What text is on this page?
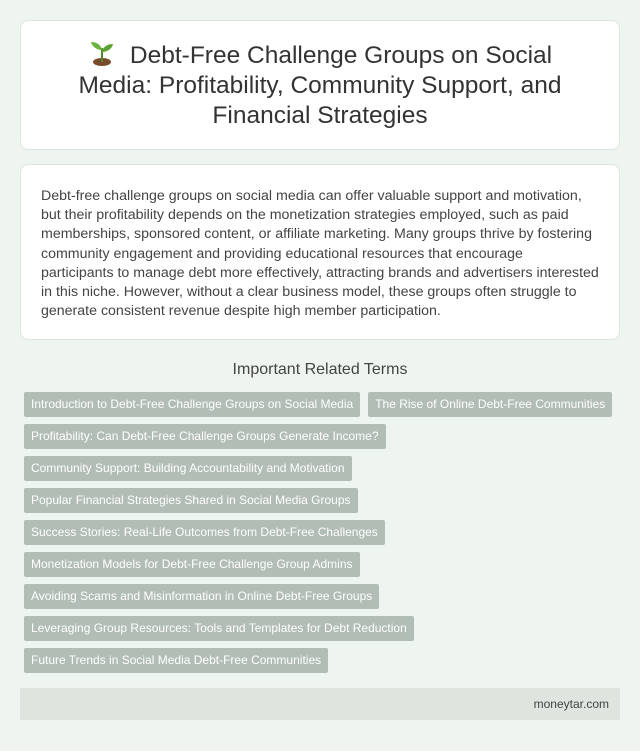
Debt-Free Challenge Groups on Social Media: Profitability, Community Support, and Financial Strategies

Debt-free challenge groups on social media can offer valuable support and motivation, but their profitability depends on the monetization strategies employed, such as paid memberships, sponsored content, or affiliate marketing. Many groups thrive by fostering community engagement and providing educational resources that encourage participants to manage debt more effectively, attracting brands and advertisers interested in this niche. However, without a clear business model, these groups often struggle to generate consistent revenue despite high member participation.

Important Related Terms
Introduction to Debt-Free Challenge Groups on Social Media	The Rise of Online Debt-Free Communities
Profitability: Can Debt-Free Challenge Groups Generate Income?
Community Support: Building Accountability and Motivation
Popular Financial Strategies Shared in Social Media Groups
Success Stories: Real-Life Outcomes from Debt-Free Challenges
Monetization Models for Debt-Free Challenge Group Admins
Avoiding Scams and Misinformation in Online Debt-Free Groups
Leveraging Group Resources: Tools and Templates for Debt Reduction
Future Trends in Social Media Debt-Free Communities
moneytar.com
